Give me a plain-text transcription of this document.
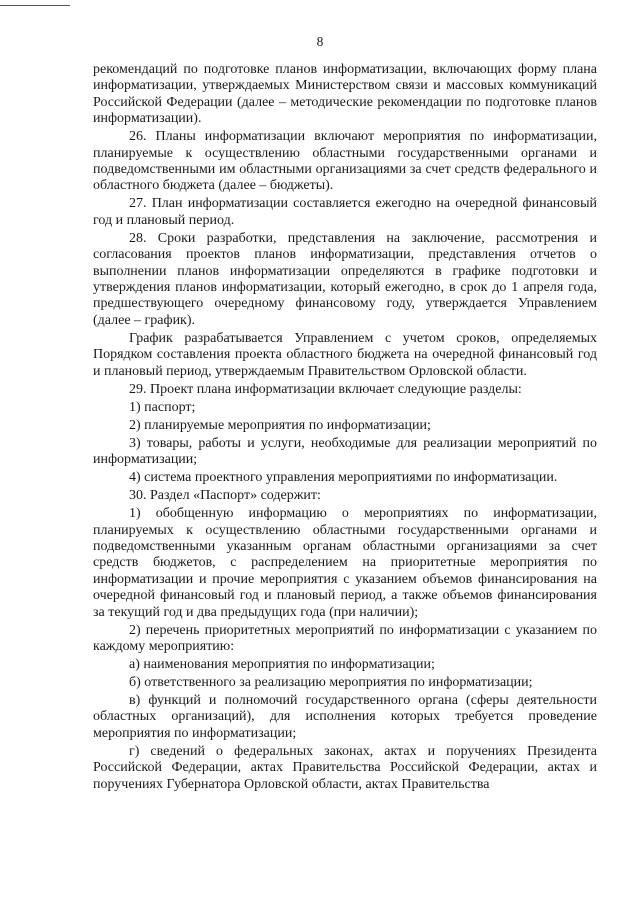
8

рекомендаций по подготовке планов информатизации, включающих форму плана информатизации, утверждаемых Министерством связи и массовых коммуникаций Российской Федерации (далее – методические рекомендации по подготовке планов информатизации).

26. Планы информатизации включают мероприятия по информатизации, планируемые к осуществлению областными государственными органами и подведомственными им областными организациями за счет средств федерального и областного бюджета (далее – бюджеты).

27. План информатизации составляется ежегодно на очередной финансовый год и плановый период.

28. Сроки разработки, представления на заключение, рассмотрения и согласования проектов планов информатизации, представления отчетов о выполнении планов информатизации определяются в графике подготовки и утверждения планов информатизации, который ежегодно, в срок до 1 апреля года, предшествующего очередному финансовому году, утверждается Управлением (далее – график).

График разрабатывается Управлением с учетом сроков, определяемых Порядком составления проекта областного бюджета на очередной финансовый год и плановый период, утверждаемым Правительством Орловской области.

29. Проект плана информатизации включает следующие разделы:

1) паспорт;

2) планируемые мероприятия по информатизации;

3) товары, работы и услуги, необходимые для реализации мероприятий по информатизации;

4) система проектного управления мероприятиями по информатизации.

30. Раздел «Паспорт» содержит:

1) обобщенную информацию о мероприятиях по информатизации, планируемых к осуществлению областными государственными органами и подведомственными указанным органам областными организациями за счет средств бюджетов, с распределением на приоритетные мероприятия по информатизации и прочие мероприятия с указанием объемов финансирования на очередной финансовый год и плановый период, а также объемов финансирования за текущий год и два предыдущих года (при наличии);

2) перечень приоритетных мероприятий по информатизации с указанием по каждому мероприятию:

а) наименования мероприятия по информатизации;

б) ответственного за реализацию мероприятия по информатизации;

в) функций и полномочий государственного органа (сферы деятельности областных организаций), для исполнения которых требуется проведение мероприятия по информатизации;

г) сведений о федеральных законах, актах и поручениях Президента Российской Федерации, актах Правительства Российской Федерации, актах и поручениях Губернатора Орловской области, актах Правительства
